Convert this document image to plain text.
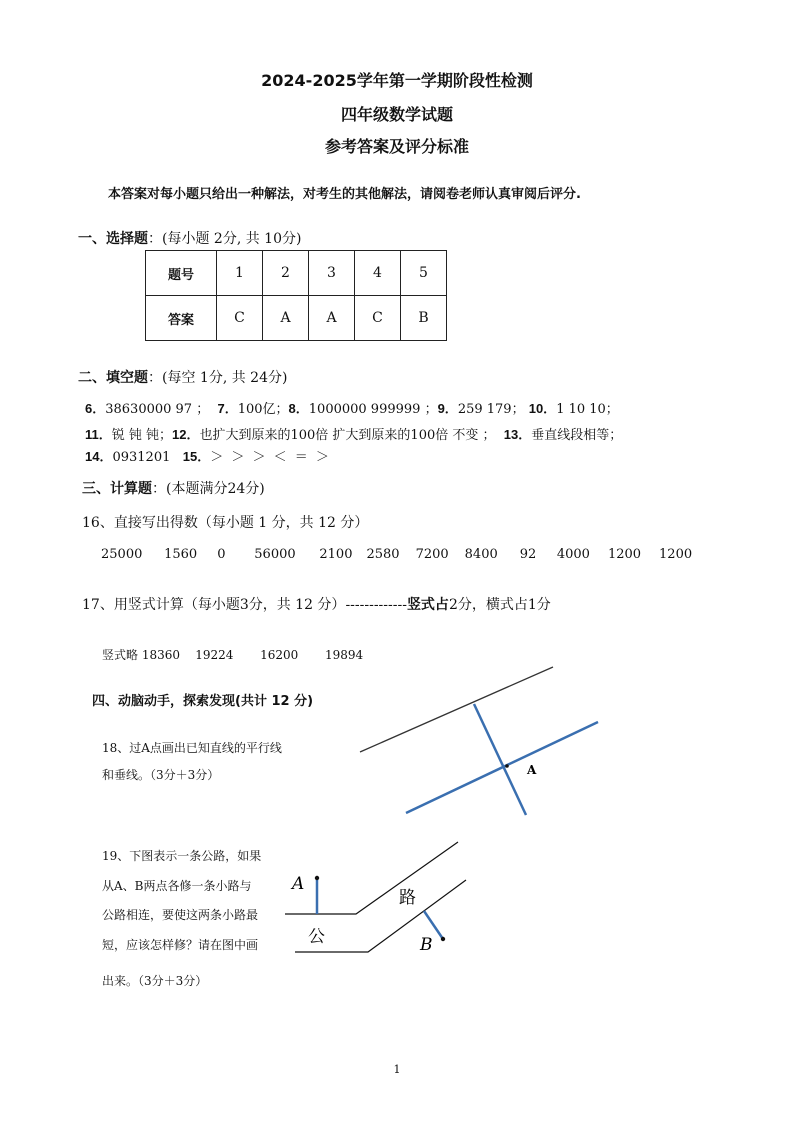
2024-2025学年第一学期阶段性检测
四年级数学试题
参考答案及评分标准
本答案对每小题只给出一种解法，对考生的其他解法，请阅卷老师认真审阅后评分.
一、选择题：(每小题 2分, 共 10分)
题号	1	2	3	4	5
答案	C	A	A	C	B
二、填空题：(每空 1分, 共 24分)
6．38630000 97 ； 7．100亿；8．1000000 999999 ；9．259 179； 10．1 10 10；
11．锐 钝 钝；12．也扩大到原来的100倍 扩大到原来的100倍 不变 ； 13．垂直线段相等；
14．0931201 15．＞ ＞ ＞ ＜ ＝ ＞
三、计算题：(本题满分24分)
16、直接写出得数（每小题 1 分，共 12 分）
25000 1560 0 56000 2100 2580 7200 8400 92 4000 1200 1200
17、用竖式计算（每小题3分，共 12 分）-------------竖式占2分，横式占1分
竖式略 18360    19224       16200       19894
四、动脑动手，探索发现(共计 12 分)
18、过A点画出已知直线的平行线
和垂线。（3分＋3分）
19、下图表示一条公路，如果
从A、B两点各修一条小路与
公路相连，要使这两条小路最
短，应该怎样修？请在图中画
出来。（3分＋3分）
A
A
B
路
公
1
